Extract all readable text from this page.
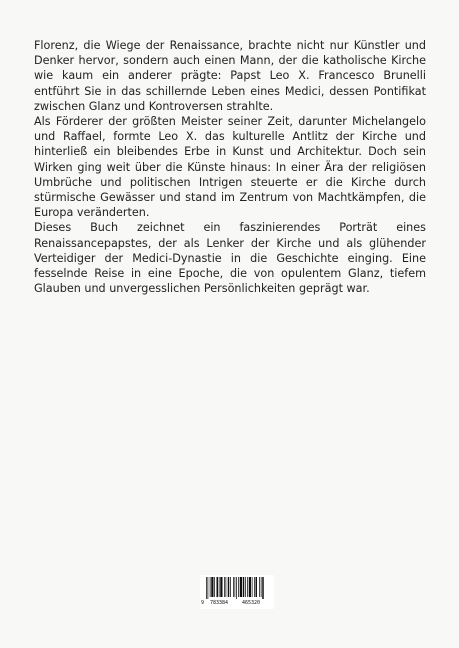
Florenz, die Wiege der Renaissance, brachte nicht nur Künstler und Denker hervor, sondern auch einen Mann, der die katholische Kirche wie kaum ein anderer prägte: Papst Leo X. Francesco Brunelli entführt Sie in das schillernde Leben eines Medici, dessen Pontifikat zwischen Glanz und Kontroversen strahlte.

Als Förderer der größten Meister seiner Zeit, darunter Michelangelo und Raffael, formte Leo X. das kulturelle Antlitz der Kirche und hinterließ ein bleibendes Erbe in Kunst und Architektur. Doch sein Wirken ging weit über die Künste hinaus: In einer Ära der religiösen Umbrüche und politischen Intrigen steuerte er die Kirche durch stürmische Gewässer und stand im Zentrum von Machtkämpfen, die Europa veränderten.

Dieses Buch zeichnet ein faszinierendes Porträt eines Renaissancepapstes, der als Lenker der Kirche und als glühender Verteidiger der Medici-Dynastie in die Geschichte einging. Eine fesselnde Reise in eine Epoche, die von opulentem Glanz, tiefem Glauben und unvergesslichen Persönlichkeiten geprägt war.

9 783384	465320
